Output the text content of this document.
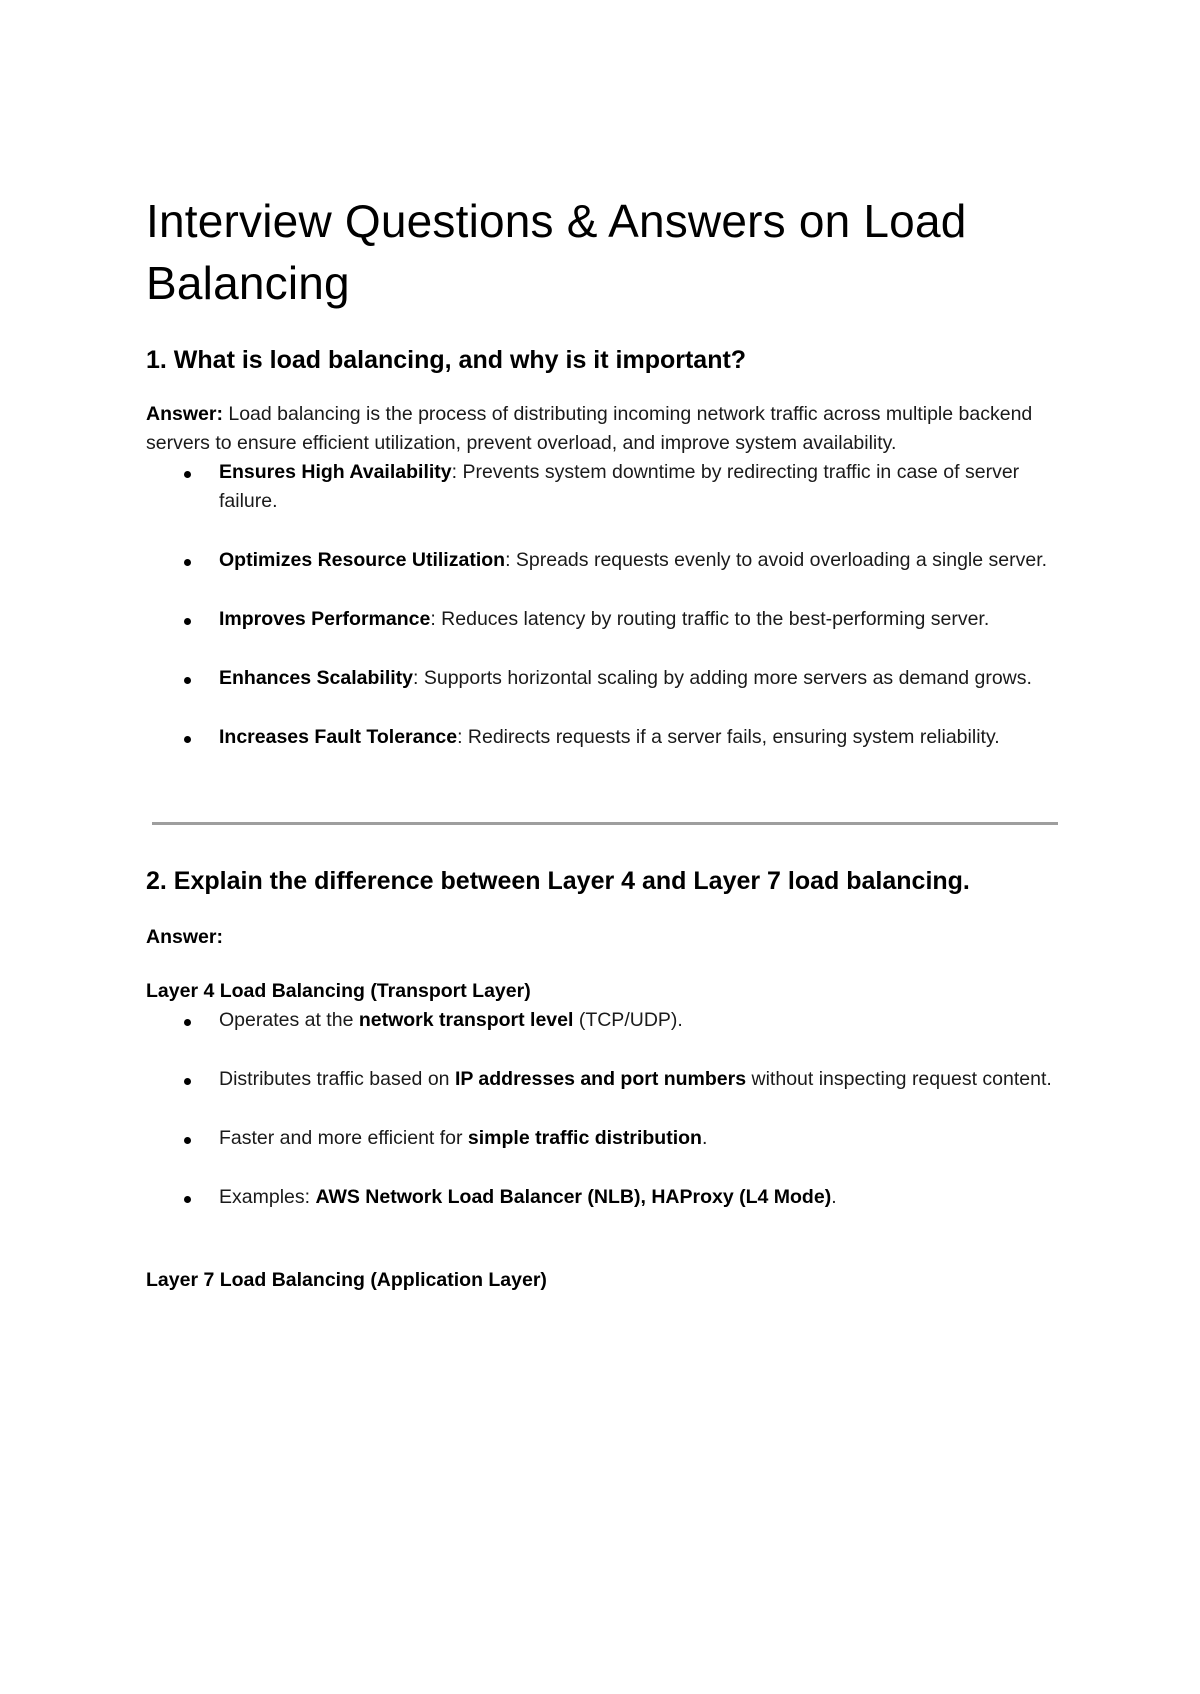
Interview Questions & Answers on Load Balancing
1. What is load balancing, and why is it important?

Answer: Load balancing is the process of distributing incoming network traffic across multiple backend servers to ensure efficient utilization, prevent overload, and improve system availability.

Ensures High Availability: Prevents system downtime by redirecting traffic in case of server failure.
Optimizes Resource Utilization: Spreads requests evenly to avoid overloading a single server.
Improves Performance: Reduces latency by routing traffic to the best-performing server.
Enhances Scalability: Supports horizontal scaling by adding more servers as demand grows.
Increases Fault Tolerance: Redirects requests if a server fails, ensuring system reliability.
2. Explain the difference between Layer 4 and Layer 7 load balancing.
Answer:
Layer 4 Load Balancing (Transport Layer)
Operates at the network transport level (TCP/UDP).
Distributes traffic based on IP addresses and port numbers without inspecting request content.
Faster and more efficient for simple traffic distribution.
Examples: AWS Network Load Balancer (NLB), HAProxy (L4 Mode).
Layer 7 Load Balancing (Application Layer)
